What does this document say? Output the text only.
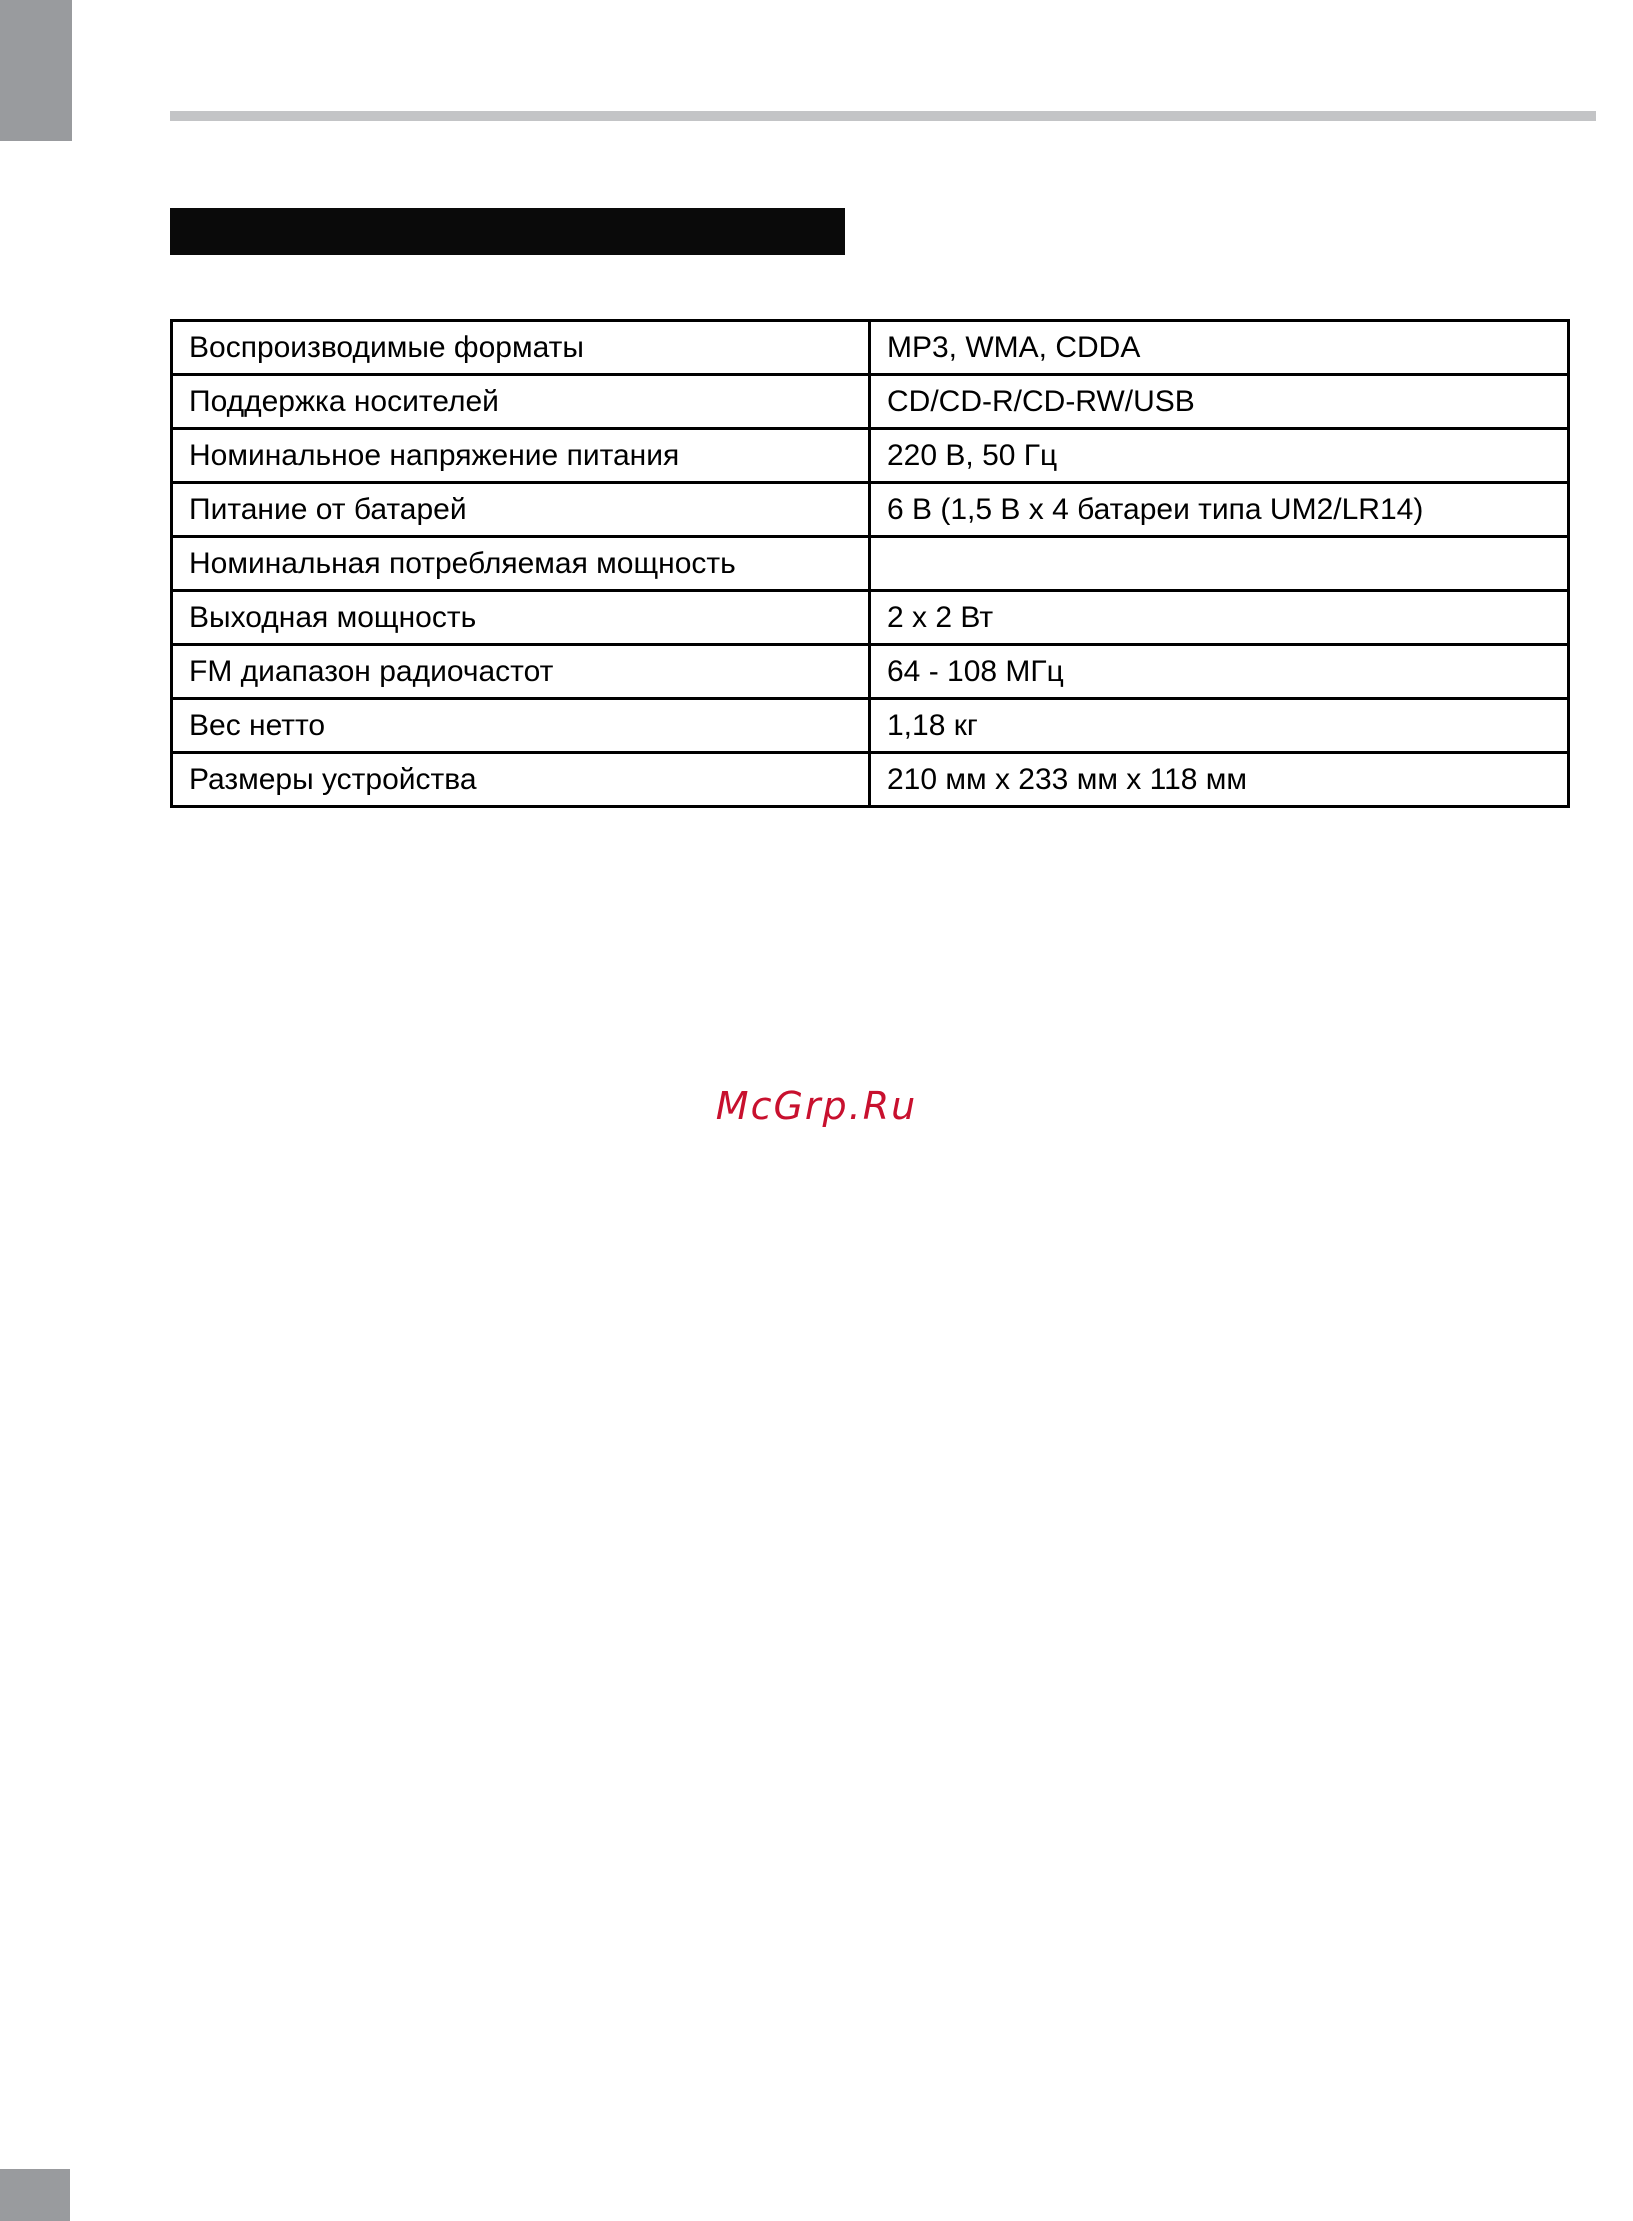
Воспроизводимые форматы	MP3, WMA, CDDA
Поддержка носителей	CD/CD-R/CD-RW/USB
Номинальное напряжение питания	220 В, 50 Гц
Питание от батарей	6 В (1,5 В х 4 батареи типа UM2/LR14)
Номинальная потребляемая мощность	
Выходная мощность	2 х 2 Вт
FM диапазон радиочастот	64 - 108 МГц
Вес нетто	1,18 кг
Размеры устройства	210 мм х 233 мм х 118 мм
McGrp.Ru
